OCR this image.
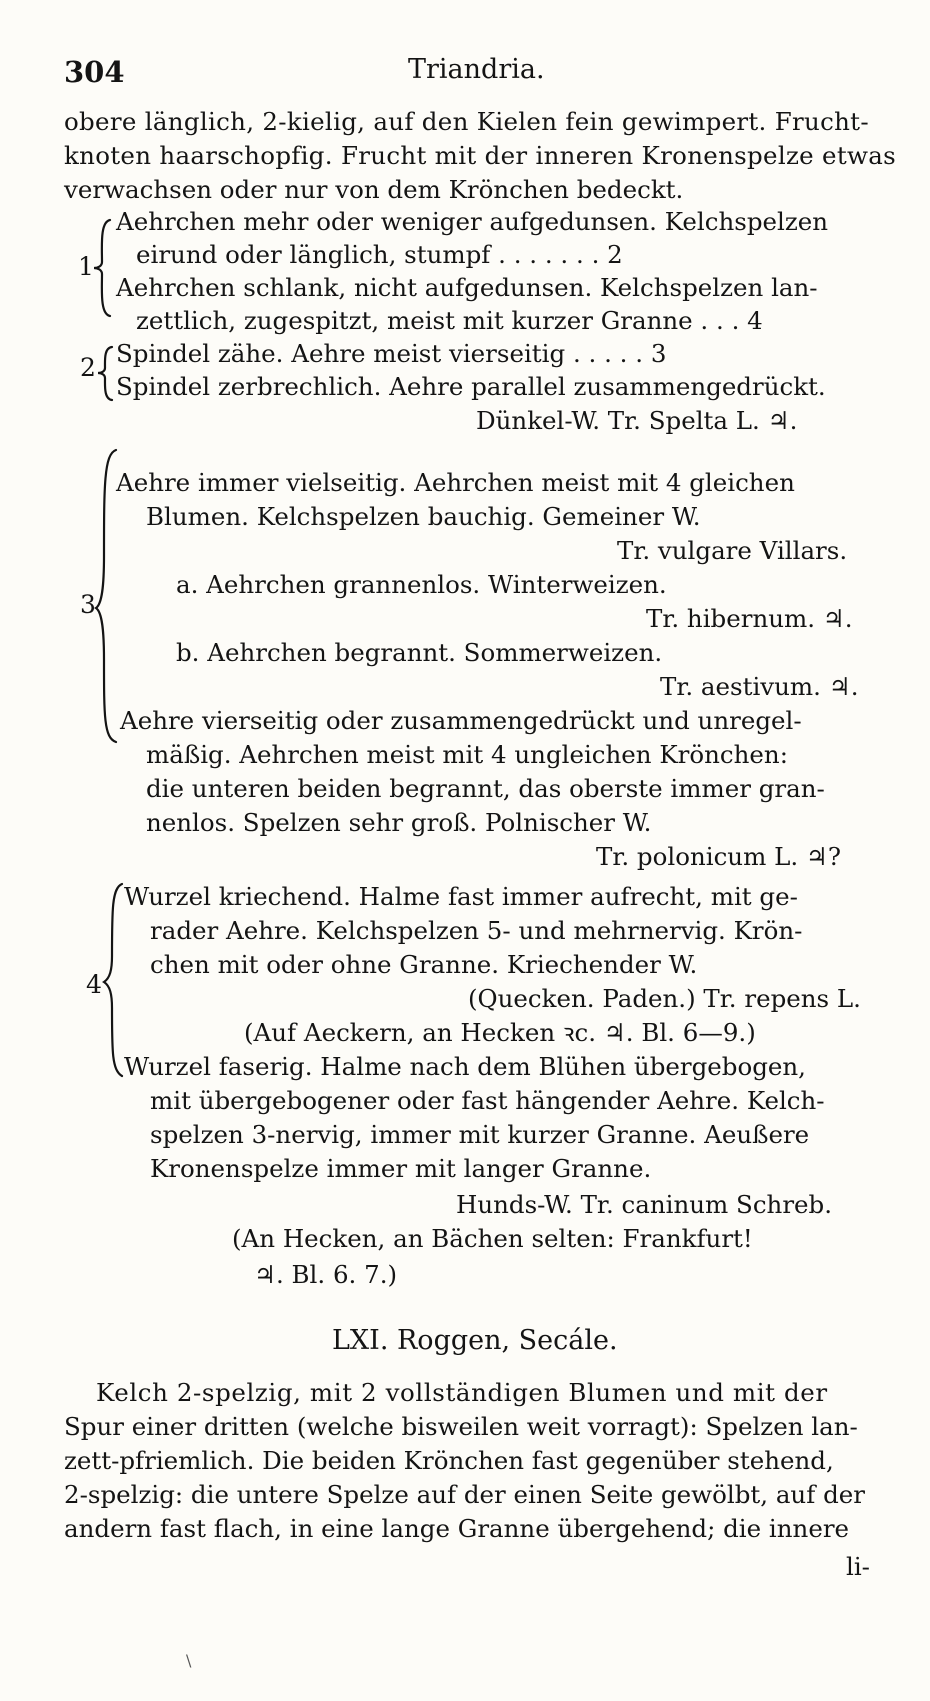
304	Triandria.
obere länglich, 2-kielig, auf den Kielen fein gewimpert. Frucht-
knoten haarschopfig. Frucht mit der inneren Kronenspelze etwas
verwachsen oder nur von dem Krönchen bedeckt.
1
Aehrchen mehr oder weniger aufgedunsen. Kelchspelzen
eirund oder länglich, stumpf . . . . . . . 2
Aehrchen schlank, nicht aufgedunsen. Kelchspelzen lan-
zettlich, zugespitzt, meist mit kurzer Granne . . . 4
2 Spindel zähe. Aehre meist vierseitig . . . . . 3
Spindel zerbrechlich. Aehre parallel zusammengedrückt.
Dünkel-W. Tr. Spelta L. ♃.
3
Aehre immer vielseitig. Aehrchen meist mit 4 gleichen
Blumen. Kelchspelzen bauchig. Gemeiner W.
Tr. vulgare Villars.
a. Aehrchen grannenlos. Winterweizen.
Tr. hibernum. ♃.
b. Aehrchen begrannt. Sommerweizen.
Tr. aestivum. ♃.
Aehre vierseitig oder zusammengedrückt und unregel-
mäßig. Aehrchen meist mit 4 ungleichen Krönchen:
die unteren beiden begrannt, das oberste immer gran-
nenlos. Spelzen sehr groß. Polnischer W.
Tr. polonicum L. ♃?
4
Wurzel kriechend. Halme fast immer aufrecht, mit ge-
rader Aehre. Kelchspelzen 5- und mehrnervig. Krön-
chen mit oder ohne Granne. Kriechender W.
(Quecken. Paden.) Tr. repens L.
(Auf Aeckern, an Hecken ꝛc. ♃. Bl. 6—9.)
Wurzel faserig. Halme nach dem Blühen übergebogen,
mit übergebogener oder fast hängender Aehre. Kelch-
spelzen 3-nervig, immer mit kurzer Granne. Aeußere
Kronenspelze immer mit langer Granne.
Hunds-W. Tr. caninum Schreb.
(An Hecken, an Bächen selten: Frankfurt!
♃. Bl. 6. 7.)
LXI. Roggen, Secále.
Kelch 2-spelzig, mit 2 vollständigen Blumen und mit der
Spur einer dritten (welche bisweilen weit vorragt): Spelzen lan-
zett-pfriemlich. Die beiden Krönchen fast gegenüber stehend,
2-spelzig: die untere Spelze auf der einen Seite gewölbt, auf der
andern fast flach, in eine lange Granne übergehend; die innere
li-
\
